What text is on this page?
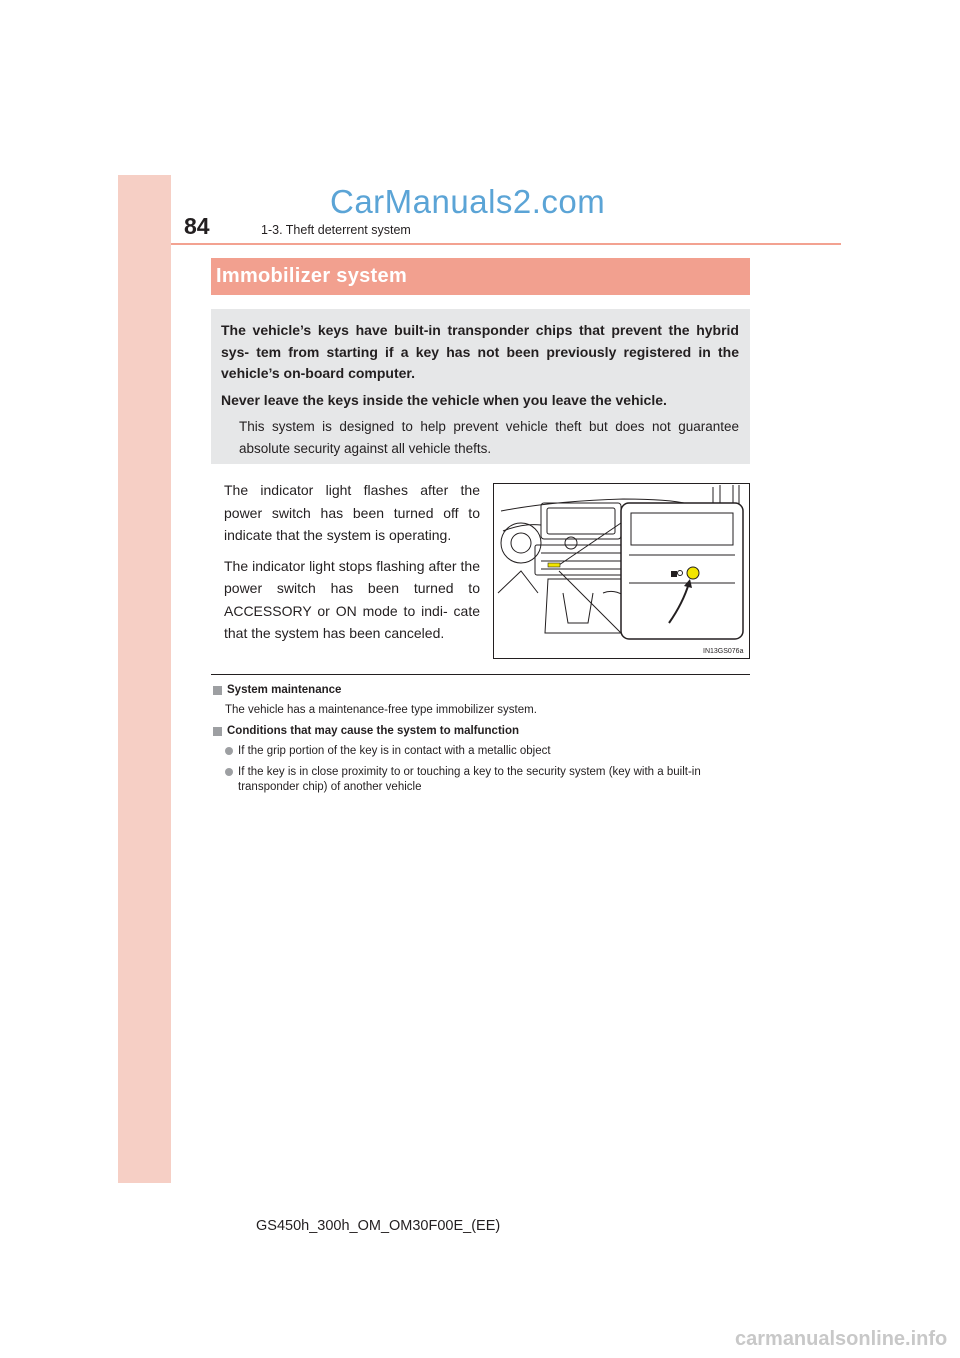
CarManuals2.com
84	1-3. Theft deterrent system
Immobilizer system

The vehicle’s keys have built-in transponder chips that prevent the hybrid sys- tem from starting if a key has not been previously registered in the vehicle’s on-board computer.

Never leave the keys inside the vehicle when you leave the vehicle.

This system is designed to help prevent vehicle theft but does not guarantee absolute security against all vehicle thefts.

The indicator light flashes after the power switch has been turned off to indicate that the system is operating.

The indicator light stops flashing after the power switch has been turned to ACCESSORY or ON mode to indi- cate that the system has been canceled.

IN13GS076a
System maintenance
The vehicle has a maintenance-free type immobilizer system.
Conditions that may cause the system to malfunction
If the grip portion of the key is in contact with a metallic object
If the key is in close proximity to or touching a key to the security system (key with a built-in transponder chip) of another vehicle
GS450h_300h_OM_OM30F00E_(EE)
carmanualsonline.info
